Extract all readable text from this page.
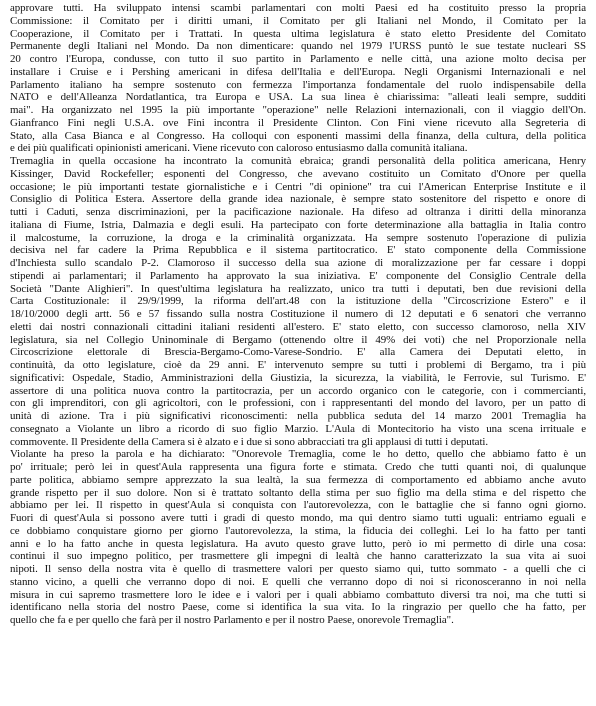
approvare tutti. Ha sviluppato intensi scambi parlamentari con molti Paesi ed ha costituito presso la propria
Commissione: il Comitato per i diritti umani, il Comitato per gli Italiani nel Mondo, il Comitato per la
Cooperazione, il Comitato per i Trattati. In questa ultima legislatura è stato eletto Presidente del Comitato
Permanente degli Italiani nel Mondo. Da non dimenticare: quando nel 1979 l'URSS puntò le sue testate nucleari SS
20 contro l'Europa, condusse, con tutto il suo partito in Parlamento e nelle città, una azione molto decisa per
installare i Cruise e i Pershing americani in difesa dell'Italia e dell'Europa. Negli Organismi Internazionali e nel
Parlamento italiano ha sempre sostenuto con fermezza l'importanza fondamentale del ruolo indispensabile della
NATO e dell'Alleanza Nordatlantica, tra Europa e USA. La sua linea è chiarissima: "alleati leali sempre, sudditi
mai". Ha organizzato nel 1995 la più importante "operazione" nelle Relazioni internazionali, con il viaggio dell'On.
Gianfranco Fini negli U.S.A. ove Fini incontra il Presidente Clinton. Con Fini viene ricevuto alla Segreteria di
Stato, alla Casa Bianca e al Congresso. Ha colloqui con esponenti massimi della finanza, della cultura, della politica
e dei più qualificati opinionisti americani. Viene ricevuto con caloroso entusiasmo dalla comunità italiana.
Tremaglia in quella occasione ha incontrato la comunità ebraica; grandi personalità della politica americana, Henry
Kissinger, David Rockefeller; esponenti del Congresso, che avevano costituito un Comitato d'Onore per quella
occasione; le più importanti testate giornalistiche e i Centri "di opinione" tra cui l'American Enterprise Institute e il
Consiglio di Politica Estera. Assertore della grande idea nazionale, è sempre stato sostenitore del rispetto e onore di
tutti i Caduti, senza discriminazioni, per la pacificazione nazionale. Ha difeso ad oltranza i diritti della minoranza
italiana di Fiume, Istria, Dalmazia e degli esuli. Ha partecipato con forte determinazione alla battaglia in Italia contro
il malcostume, la corruzione, la droga e la criminalità organizzata. Ha sempre sostenuto l'operazione di pulizia
decisiva nel far cadere la Prima Repubblica e il sistema partitocratico. E' stato componente della Commissione
d'Inchiesta sullo scandalo P-2. Clamoroso il successo della sua azione di moralizzazione per far cessare i doppi
stipendi ai parlamentari; il Parlamento ha approvato la sua iniziativa. E' componente del Consiglio Centrale della
Società "Dante Alighieri". In quest'ultima legislatura ha realizzato, unico tra tutti i deputati, ben due revisioni della
Carta Costituzionale: il 29/9/1999, la riforma dell'art.48 con la istituzione della "Circoscrizione Estero" e il
18/10/2000 degli artt. 56 e 57 fissando sulla nostra Costituzione il numero di 12 deputati e 6 senatori che verranno
eletti dai nostri connazionali cittadini italiani residenti all'estero. E' stato eletto, con successo clamoroso, nella XIV
legislatura, sia nel Collegio Uninominale di Bergamo (ottenendo oltre il 49% dei voti) che nel Proporzionale nella
Circoscrizione elettorale di Brescia-Bergamo-Como-Varese-Sondrio. E' alla Camera dei Deputati eletto, in
continuità, da otto legislature, cioè da 29 anni. E' intervenuto sempre su tutti i problemi di Bergamo, tra i più
significativi: Ospedale, Stadio, Amministrazioni della Giustizia, la sicurezza, la viabilità, le Ferrovie, sul Turismo. E'
assertore di una politica nuova contro la partitocrazia, per un accordo organico con le categorie, con i commercianti,
con gli imprenditori, con gli agricoltori, con le professioni, con i rappresentanti del mondo del lavoro, per un patto di
unità di azione. Tra i più significativi riconoscimenti: nella pubblica seduta del 14 marzo 2001 Tremaglia ha
consegnato a Violante un libro a ricordo di suo figlio Marzio. L'Aula di Montecitorio ha visto una scena irrituale e
commovente. Il Presidente della Camera si è alzato e i due si sono abbracciati tra gli applausi di tutti i deputati.
Violante ha preso la parola e ha dichiarato: "Onorevole Tremaglia, come le ho detto, quello che abbiamo fatto è un
po' irrituale; però lei in quest'Aula rappresenta una figura forte e stimata. Credo che tutti quanti noi, di qualunque
parte politica, abbiamo sempre apprezzato la sua lealtà, la sua fermezza di comportamento ed abbiamo anche avuto
grande rispetto per il suo dolore. Non si è trattato soltanto della stima per suo figlio ma della stima e del rispetto che
abbiamo per lei. Il rispetto in quest'Aula si conquista con l'autorevolezza, con le battaglie che si fanno ogni giorno.
Fuori di quest'Aula si possono avere tutti i gradi di questo mondo, ma qui dentro siamo tutti uguali: entriamo eguali e
ce dobbiamo conquistare giorno per giorno l'autorevolezza, la stima, la fiducia dei colleghi. Lei lo ha fatto per tanti
anni e lo ha fatto anche in questa legislatura. Ha avuto questo grave lutto, però io mi permetto di dirle una cosa:
continui il suo impegno politico, per trasmettere gli impegni di lealtà che hanno caratterizzato la sua vita ai suoi
nipoti. Il senso della nostra vita è quello di trasmettere valori per questo siamo qui, tutto sommato - a quelli che ci
stanno vicino, a quelli che verranno dopo di noi. E quelli che verranno dopo di noi si riconosceranno in noi nella
misura in cui sapremo trasmettere loro le idee e i valori per i quali abbiamo combattuto diversi tra noi, ma che tutti si
identificano nella storia del nostro Paese, come si identifica la sua vita. Io la ringrazio per quello che ha fatto, per
quello che fa e per quello che farà per il nostro Parlamento e per il nostro Paese, onorevole Tremaglia".
